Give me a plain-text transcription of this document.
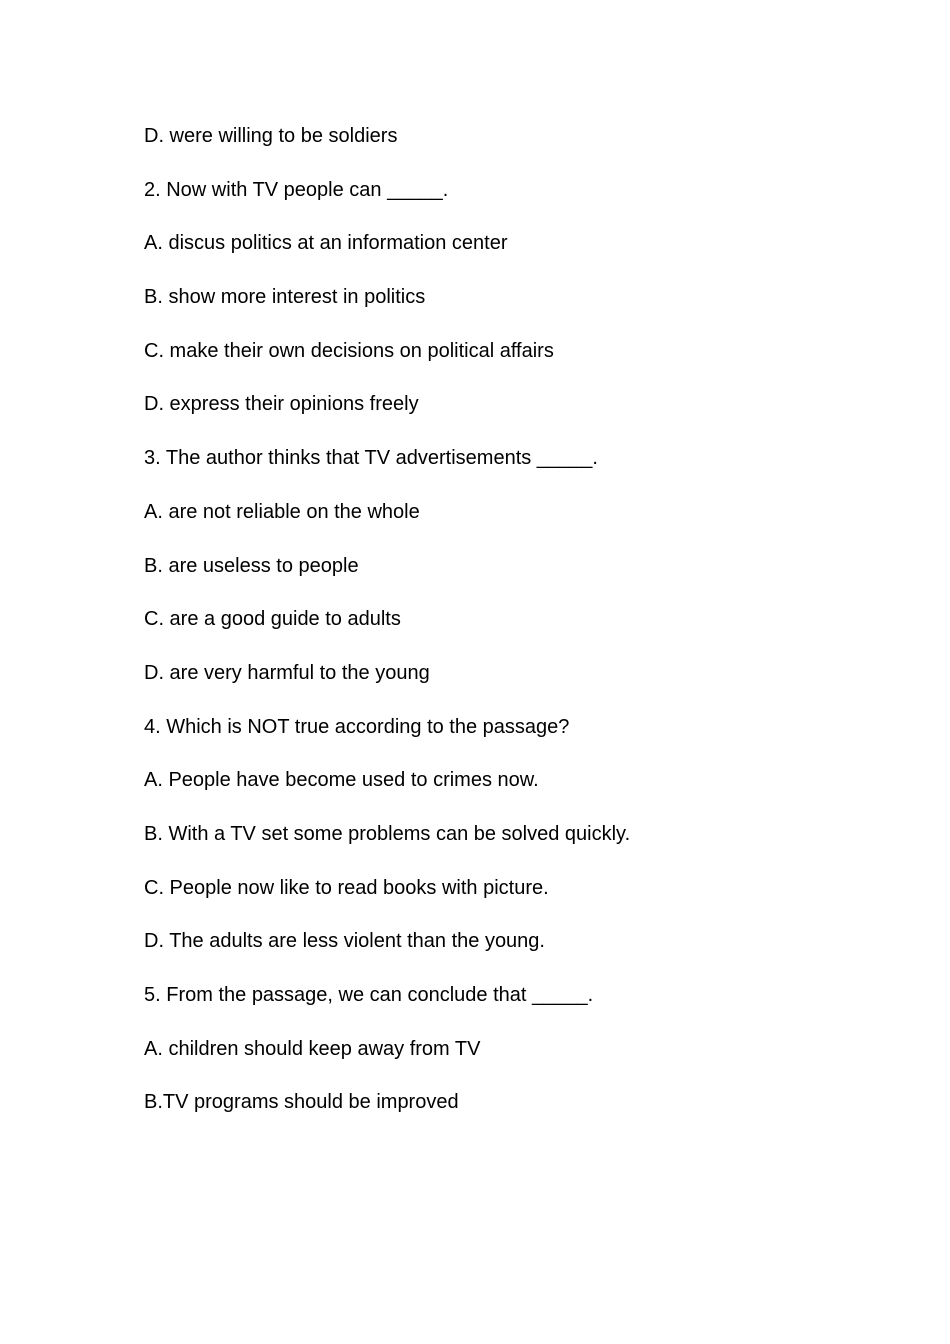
D. were willing to be soldiers
2. Now with TV people can _____.
A. discus politics at an information center
B. show more interest in politics
C. make their own decisions on political affairs
D. express their opinions freely
3. The author thinks that TV advertisements _____.
A. are not reliable on the whole
B. are useless to people
C. are a good guide to adults
D. are very harmful to the young
4. Which is NOT true according to the passage?
A. People have become used to crimes now.
B. With a TV set some problems can be solved quickly.
C. People now like to read books with picture.
D. The adults are less violent than the young.
5. From the passage, we can conclude that _____.
A. children should keep away from TV
B.TV programs should be improved
